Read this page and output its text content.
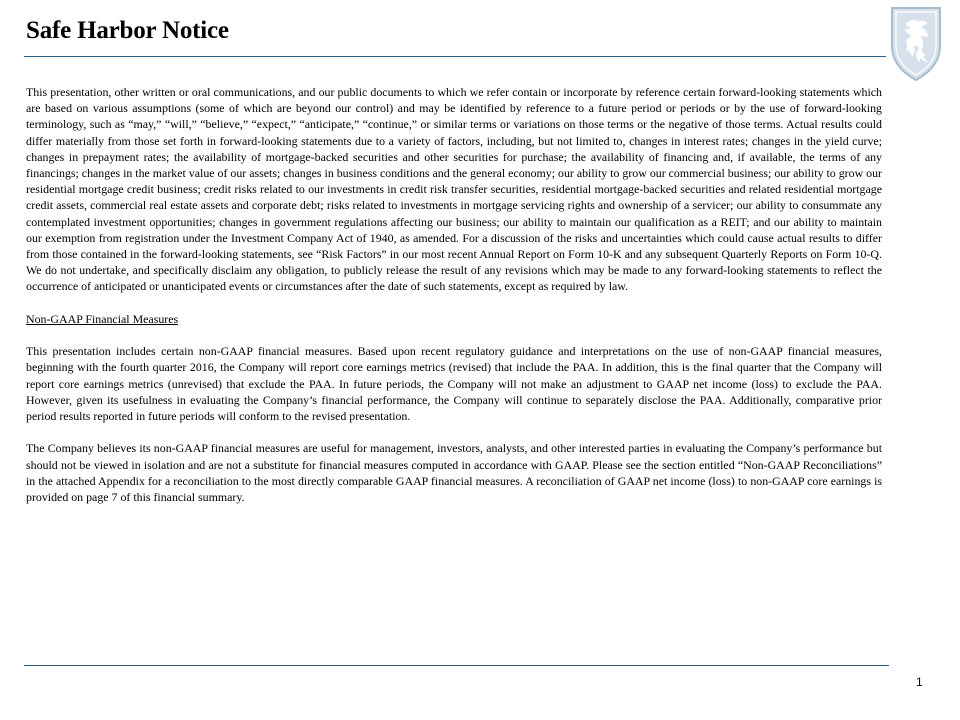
Safe Harbor Notice

This presentation, other written or oral communications, and our public documents to which we refer contain or incorporate by reference certain forward-looking statements which are based on various assumptions (some of which are beyond our control) and may be identified by reference to a future period or periods or by the use of forward-looking terminology, such as “may,” “will,” “believe,” “expect,” “anticipate,” “continue,” or similar terms or variations on those terms or the negative of those terms. Actual results could differ materially from those set forth in forward-looking statements due to a variety of factors, including, but not limited to, changes in interest rates; changes in the yield curve; changes in prepayment rates; the availability of mortgage-backed securities and other securities for purchase; the availability of financing and, if available, the terms of any financings; changes in the market value of our assets; changes in business conditions and the general economy; our ability to grow our commercial business; our ability to grow our residential mortgage credit business; credit risks related to our investments in credit risk transfer securities, residential mortgage-backed securities and related residential mortgage credit assets, commercial real estate assets and corporate debt; risks related to investments in mortgage servicing rights and ownership of a servicer; our ability to consummate any contemplated investment opportunities; changes in government regulations affecting our business; our ability to maintain our qualification as a REIT; and our ability to maintain our exemption from registration under the Investment Company Act of 1940, as amended. For a discussion of the risks and uncertainties which could cause actual results to differ from those contained in the forward-looking statements, see “Risk Factors” in our most recent Annual Report on Form 10-K and any subsequent Quarterly Reports on Form 10-Q. We do not undertake, and specifically disclaim any obligation, to publicly release the result of any revisions which may be made to any forward-looking statements to reflect the occurrence of anticipated or unanticipated events or circumstances after the date of such statements, except as required by law.

Non-GAAP Financial Measures

This presentation includes certain non-GAAP financial measures. Based upon recent regulatory guidance and interpretations on the use of non-GAAP financial measures, beginning with the fourth quarter 2016, the Company will report core earnings metrics (revised) that include the PAA. In addition, this is the final quarter that the Company will report core earnings metrics (unrevised) that exclude the PAA. In future periods, the Company will not make an adjustment to GAAP net income (loss) to exclude the PAA. However, given its usefulness in evaluating the Company’s financial performance, the Company will continue to separately disclose the PAA. Additionally, comparative prior period results reported in future periods will conform to the revised presentation.

The Company believes its non-GAAP financial measures are useful for management, investors, analysts, and other interested parties in evaluating the Company’s performance but should not be viewed in isolation and are not a substitute for financial measures computed in accordance with GAAP. Please see the section entitled “Non-GAAP Reconciliations” in the attached Appendix for a reconciliation to the most directly comparable GAAP financial measures. A reconciliation of GAAP net income (loss) to non-GAAP core earnings is provided on page 7 of this financial summary.

1
